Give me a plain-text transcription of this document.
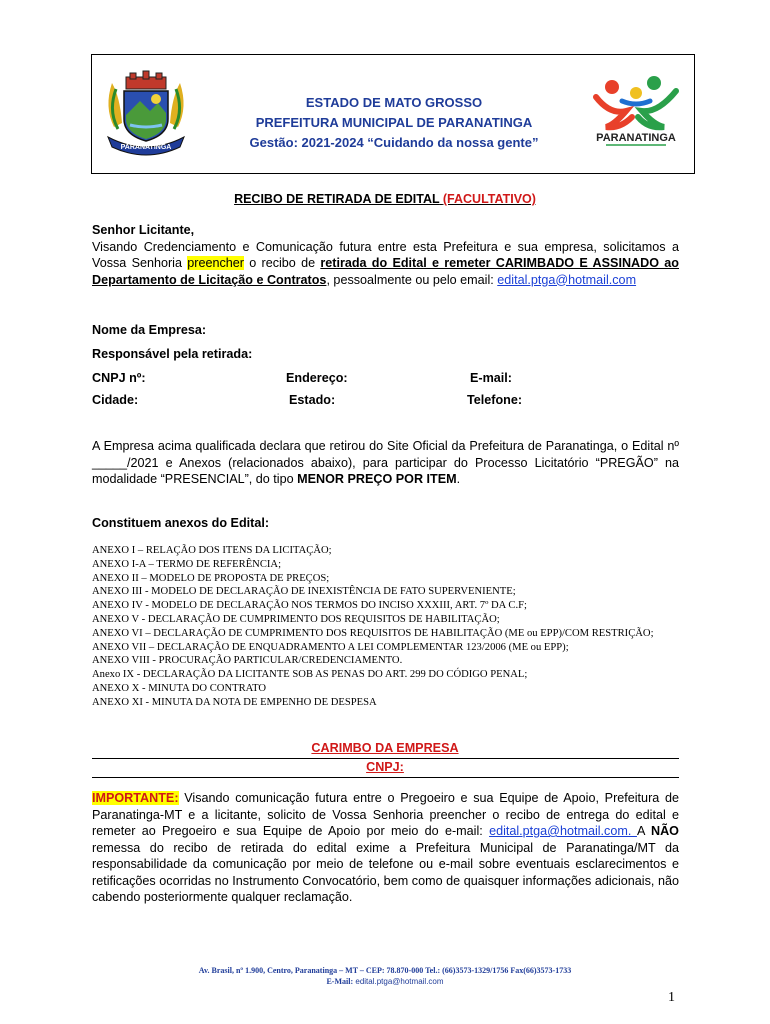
PARANATINGA
ESTADO DE MATO GROSSO
PREFEITURA MUNICIPAL DE PARANATINGA
Gestão: 2021-2024 “Cuidando da nossa gente”	PARANATINGA
RECIBO DE RETIRADA DE EDITAL (FACULTATIVO)

Senhor Licitante,

Visando Credenciamento e Comunicação futura entre esta Prefeitura e sua empresa, solicitamos a Vossa Senhoria preencher o recibo de retirada do Edital e remeter CARIMBADO E ASSINADO ao Departamento de Licitação e Contratos, pessoalmente ou pelo email: edital.ptga@hotmail.com

Nome da Empresa:
Responsável pela retirada:
CNPJ nº:	Endereço:	E-mail:
Cidade:	Estado:	Telefone:

A Empresa acima qualificada declara que retirou do Site Oficial da Prefeitura de Paranatinga, o Edital nº _____/2021 e Anexos (relacionados abaixo), para participar do Processo Licitatório “PREGÃO” na modalidade “PRESENCIAL”, do tipo MENOR PREÇO POR ITEM.

Constituem anexos do Edital:
ANEXO I – RELAÇÃO DOS ITENS DA LICITAÇÃO;
ANEXO I-A – TERMO DE REFERÊNCIA;
ANEXO II – MODELO DE PROPOSTA DE PREÇOS;
ANEXO III - MODELO DE DECLARAÇÃO DE INEXISTÊNCIA DE FATO SUPERVENIENTE;
ANEXO IV - MODELO DE DECLARAÇÃO NOS TERMOS DO INCISO XXXIII, ART. 7º DA C.F;
ANEXO V - DECLARAÇÃO DE CUMPRIMENTO DOS REQUISITOS DE HABILITAÇÃO;
ANEXO VI – DECLARAÇÃO DE CUMPRIMENTO DOS REQUISITOS DE HABILITAÇÃO (ME ou EPP)/COM RESTRIÇÃO;
ANEXO VII – DECLARAÇÃO DE ENQUADRAMENTO A LEI COMPLEMENTAR 123/2006 (ME ou EPP);
ANEXO VIII - PROCURAÇÃO PARTICULAR/CREDENCIAMENTO.
Anexo IX - DECLARAÇÃO DA LICITANTE SOB AS PENAS DO ART. 299 DO CÓDIGO PENAL;
ANEXO X - MINUTA DO CONTRATO
ANEXO XI - MINUTA DA NOTA DE EMPENHO DE DESPESA
CARIMBO DA EMPRESA
CNPJ:

IMPORTANTE: Visando comunicação futura entre o Pregoeiro e sua Equipe de Apoio, Prefeitura de Paranatinga-MT e a licitante, solicito de Vossa Senhoria preencher o recibo de entrega do edital e remeter ao Pregoeiro e sua Equipe de Apoio por meio do e-mail: edital.ptga@hotmail.com. A NÃO remessa do recibo de retirada do edital exime a Prefeitura Municipal de Paranatinga/MT da responsabilidade da comunicação por meio de telefone ou e-mail sobre eventuais esclarecimentos e retificações ocorridas no Instrumento Convocatório, bem como de quaisquer informações adicionais, não cabendo posteriormente qualquer reclamação.

Av. Brasil, nº 1.900, Centro, Paranatinga – MT – CEP: 78.870-000 Tel.: (66)3573-1329/1756 Fax(66)3573-1733
E-Mail: edital.ptga@hotmail.com
1
